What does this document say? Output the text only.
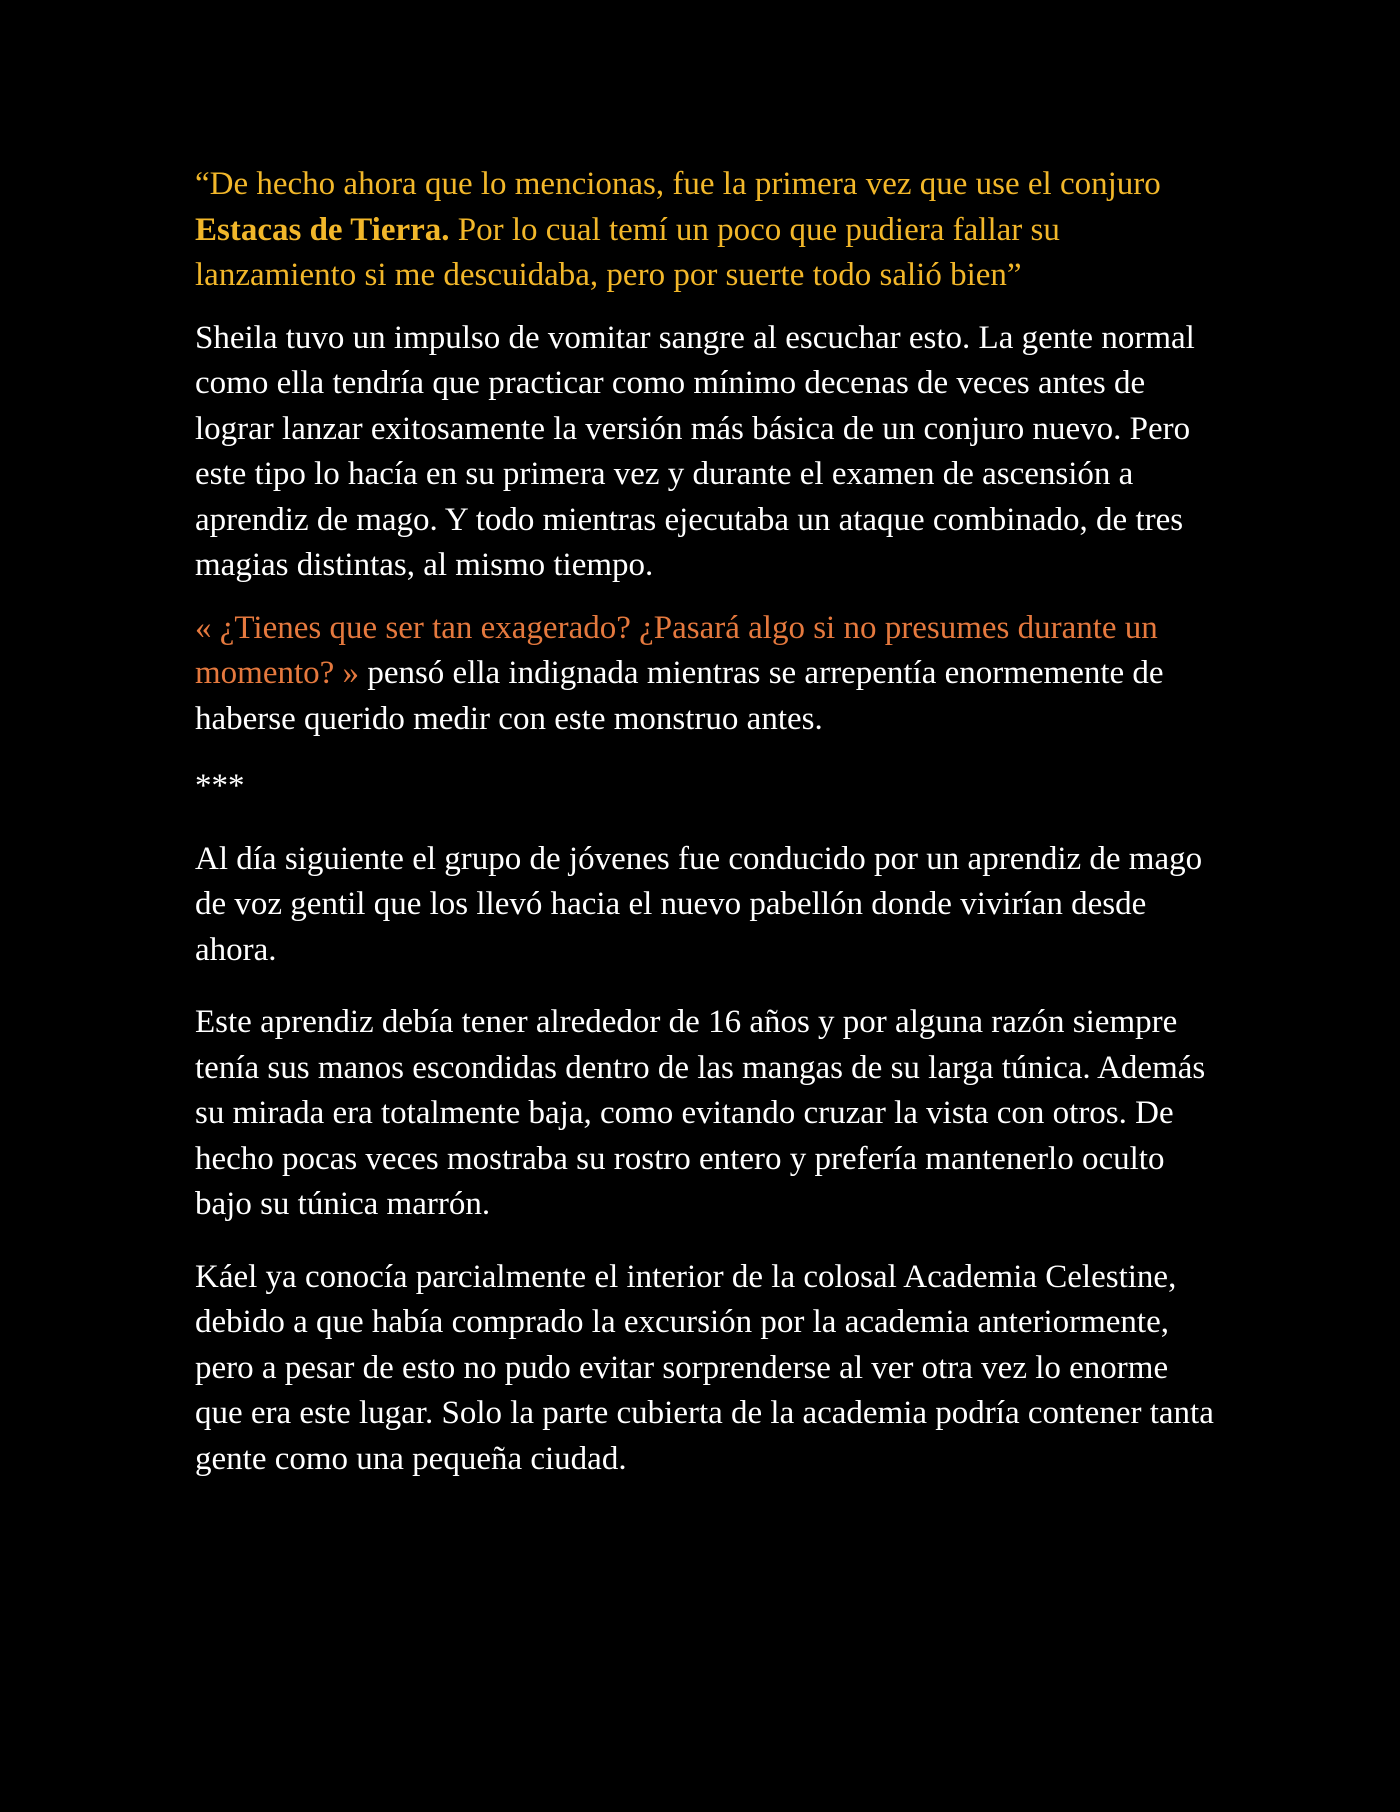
“De hecho ahora que lo mencionas, fue la primera vez que use el conjuro Estacas de Tierra. Por lo cual temí un poco que pudiera fallar su lanzamiento si me descuidaba, pero por suerte todo salió bien”

Sheila tuvo un impulso de vomitar sangre al escuchar esto. La gente normal como ella tendría que practicar como mínimo decenas de veces antes de lograr lanzar exitosamente la versión más básica de un conjuro nuevo. Pero este tipo lo hacía en su primera vez y durante el examen de ascensión a aprendiz de mago. Y todo mientras ejecutaba un ataque combinado, de tres magias distintas, al mismo tiempo.

« ¿Tienes que ser tan exagerado? ¿Pasará algo si no presumes durante un momento? » pensó ella indignada mientras se arrepentía enormemente de haberse querido medir con este monstruo antes.

***

Al día siguiente el grupo de jóvenes fue conducido por un aprendiz de mago de voz gentil que los llevó hacia el nuevo pabellón donde vivirían desde ahora.

Este aprendiz debía tener alrededor de 16 años y por alguna razón siempre tenía sus manos escondidas dentro de las mangas de su larga túnica. Además su mirada era totalmente baja, como evitando cruzar la vista con otros. De hecho pocas veces mostraba su rostro entero y prefería mantenerlo oculto bajo su túnica marrón.

Káel ya conocía parcialmente el interior de la colosal Academia Celestine, debido a que había comprado la excursión por la academia anteriormente, pero a pesar de esto no pudo evitar sorprenderse al ver otra vez lo enorme que era este lugar. Solo la parte cubierta de la academia podría contener tanta gente como una pequeña ciudad.
